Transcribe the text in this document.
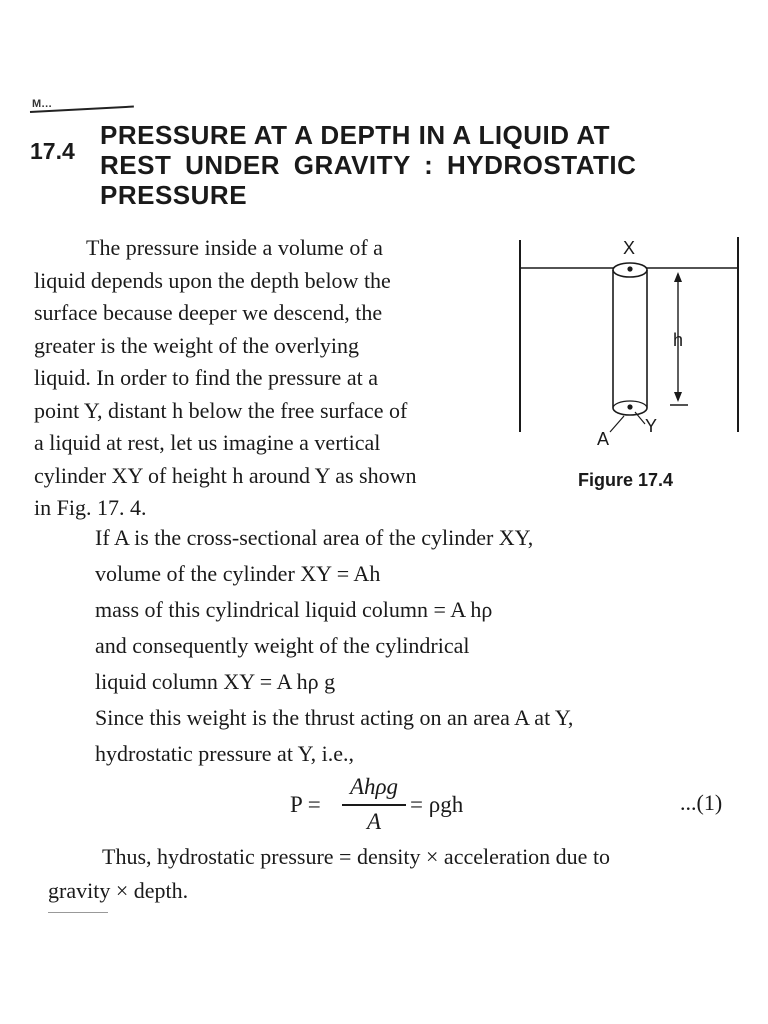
M…
17.4
PRESSURE AT A DEPTH IN A LIQUID AT
REST UNDER GRAVITY : HYDROSTATIC
PRESSURE
The pressure inside a volume of a
liquid depends upon the depth below the
surface because deeper we descend, the
greater is the weight of the overlying
liquid. In order to find the pressure at a
point Y, distant h below the free surface of
a liquid at rest, let us imagine a vertical
cylinder XY of height h around Y as shown
in Fig. 17. 4.
X
h
A
Y
Figure 17.4
If A is the cross-sectional area of the cylinder XY,
volume of the cylinder XY = Ah
mass of this cylindrical liquid column = A hρ
and consequently weight of the cylindrical
liquid column XY = A hρ g
Since this weight is the thrust acting on an area A at Y,
hydrostatic pressure at Y, i.e.,
P =
Ahρg
A
= ρgh	...(1)
Thus, hydrostatic pressure = density × acceleration due to
gravity × depth.
